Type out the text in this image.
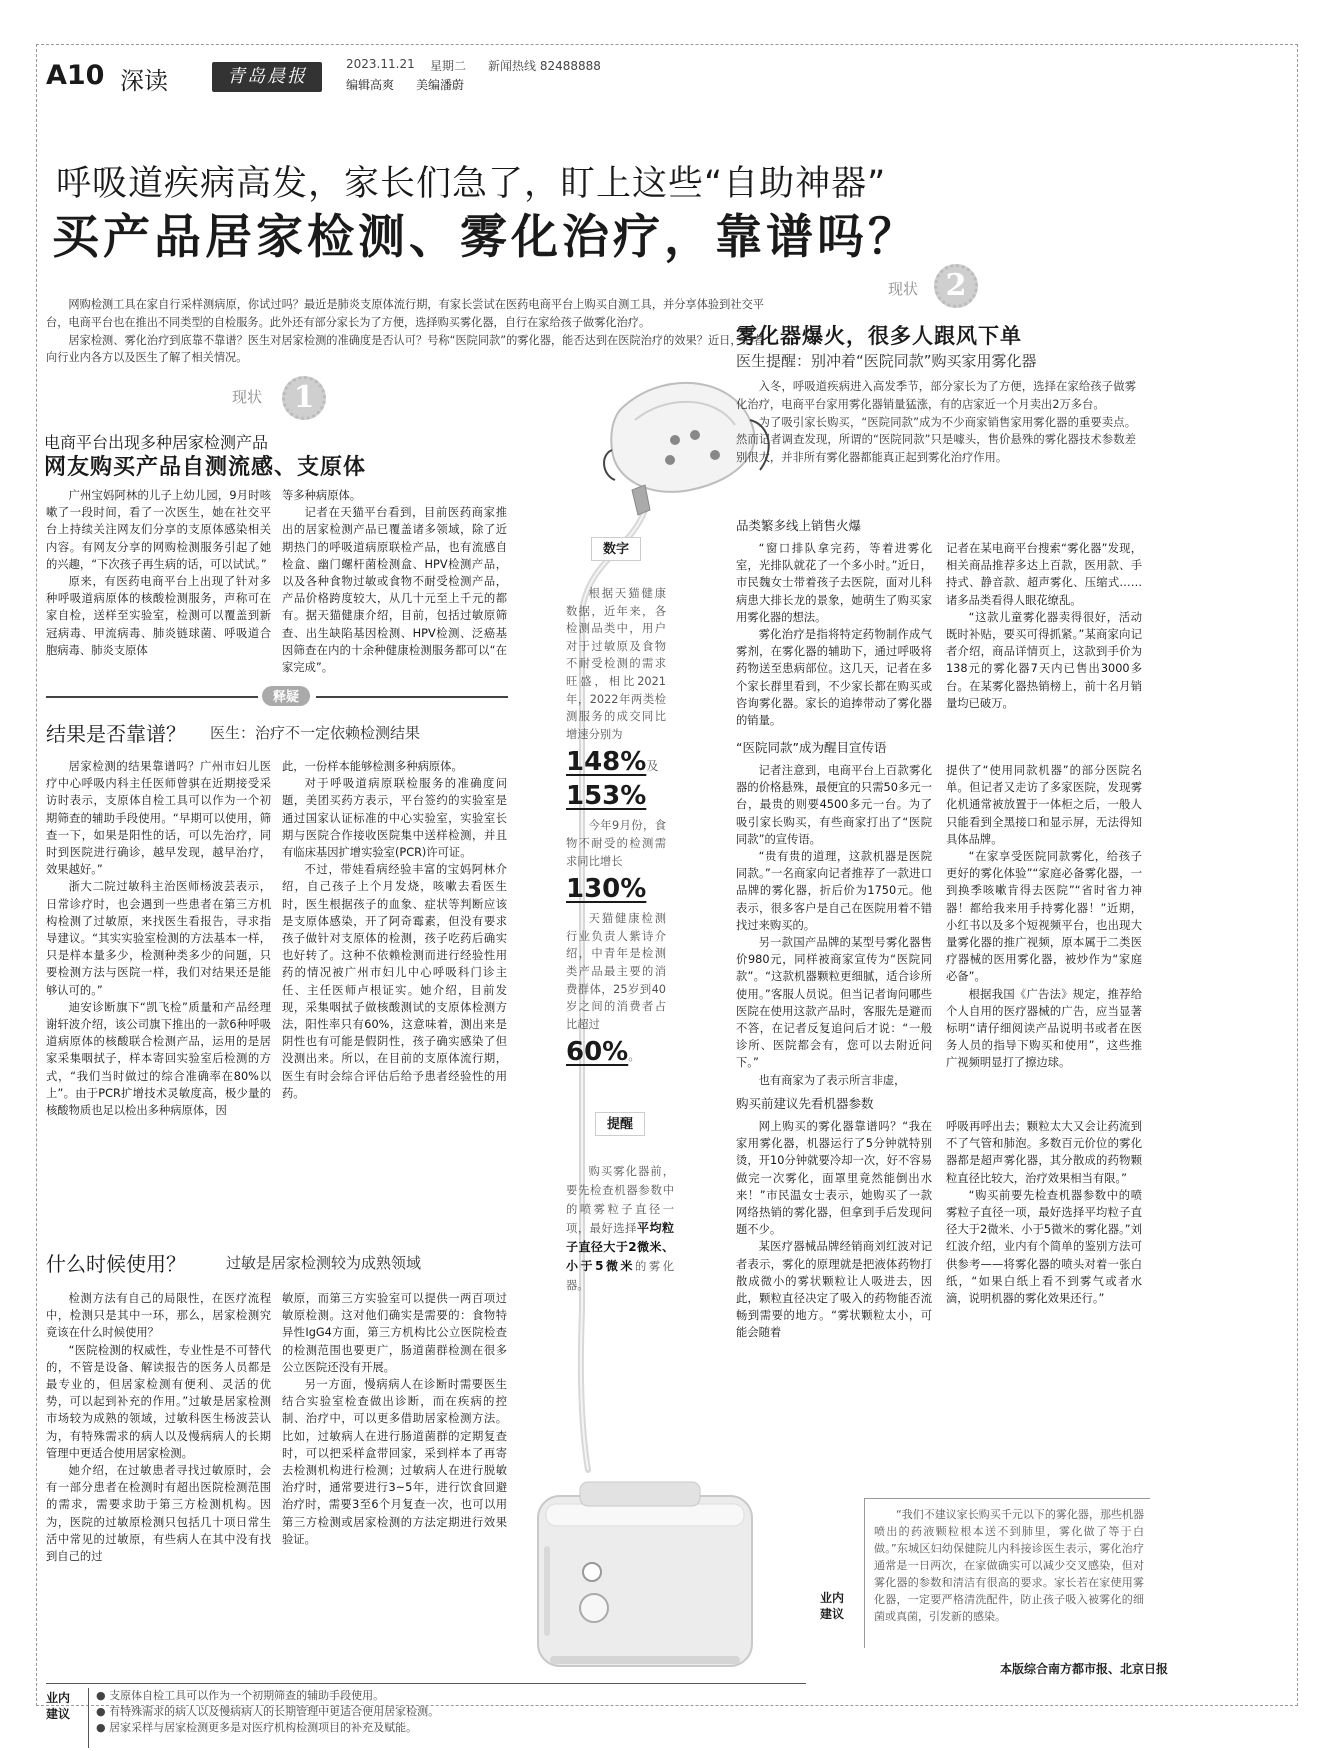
A10 深读	青岛晨报
2023.11.21 星期二 新闻热线 82488888
编辑高爽 美编潘蔚
呼吸道疾病高发，家长们急了，盯上这些“自助神器”
买产品居家检测、雾化治疗，靠谱吗？

网购检测工具在家自行采样测病原，你试过吗？最近是肺炎支原体流行期，有家长尝试在医药电商平台上购买自测工具，并分享体验到社交平台，电商平台也在推出不同类型的自检服务。此外还有部分家长为了方便，选择购买雾化器，自行在家给孩子做雾化治疗。

居家检测、雾化治疗到底靠不靠谱？医生对居家检测的准确度是否认可？号称“医院同款”的雾化器，能否达到在医院治疗的效果？近日，记者向行业内各方以及医生了解了相关情况。

现状	1
电商平台出现多种居家检测产品
网友购买产品自测流感、支原体

广州宝妈阿林的儿子上幼儿园，9月时咳嗽了一段时间，看了一次医生，她在社交平台上持续关注网友们分享的支原体感染相关内容。有网友分享的网购检测服务引起了她的兴趣，“下次孩子再生病的话，可以试试。”

原来，有医药电商平台上出现了针对多种呼吸道病原体的核酸检测服务，声称可在家自检，送样至实验室，检测可以覆盖到新冠病毒、甲流病毒、肺炎链球菌、呼吸道合胞病毒、肺炎支原体

等多种病原体。

记者在天猫平台看到，目前医药商家推出的居家检测产品已覆盖诸多领域，除了近期热门的呼吸道病原联检产品，也有流感自检盒、幽门螺杆菌检测盒、HPV检测产品，以及各种食物过敏或食物不耐受检测产品，产品价格跨度较大，从几十元至上千元的都有。据天猫健康介绍，目前，包括过敏原筛查、出生缺陷基因检测、HPV检测、泛癌基因筛查在内的十余种健康检测服务都可以“在家完成”。

释疑
结果是否靠谱？ 医生：治疗不一定依赖检测结果

居家检测的结果靠谱吗？广州市妇儿医疗中心呼吸内科主任医师曾骐在近期接受采访时表示，支原体自检工具可以作为一个初期筛查的辅助手段使用。“早期可以使用，筛查一下，如果是阳性的话，可以先治疗，同时到医院进行确诊，越早发现，越早治疗，效果越好。”

浙大二院过敏科主治医师杨波芸表示，日常诊疗时，也会遇到一些患者在第三方机构检测了过敏原，来找医生看报告，寻求指导建议。“其实实验室检测的方法基本一样，只是样本量多少，检测种类多少的问题，只要检测方法与医院一样，我们对结果还是能够认可的。”

迪安诊断旗下“凯飞检”质量和产品经理谢轩波介绍，该公司旗下推出的一款6种呼吸道病原体的核酸联合检测产品，运用的是居家采集咽拭子，样本寄回实验室后检测的方式，“我们当时做过的综合准确率在80%以上”。由于PCR扩增技术灵敏度高，极少量的核酸物质也足以检出多种病原体，因

此，一份样本能够检测多种病原体。

对于呼吸道病原联检服务的准确度问题，美团买药方表示，平台签约的实验室是通过国家认证标准的中心实验室，实验室长期与医院合作接收医院集中送样检测，并且有临床基因扩增实验室(PCR)许可证。

不过，带娃看病经验丰富的宝妈阿林介绍，自己孩子上个月发烧，咳嗽去看医生时，医生根据孩子的血象、症状等判断应该是支原体感染，开了阿奇霉素，但没有要求孩子做针对支原体的检测，孩子吃药后确实也好转了。这种不依赖检测而进行经验性用药的情况被广州市妇儿中心呼吸科门诊主任、主任医师卢根证实。她介绍，目前发现，采集咽拭子做核酸测试的支原体检测方法，阳性率只有60%，这意味着，测出来是阴性也有可能是假阴性，孩子确实感染了但没测出来。所以，在目前的支原体流行期，医生有时会综合评估后给予患者经验性的用药。

什么时候使用？	过敏是居家检测较为成熟领域

检测方法有自己的局限性，在医疗流程中，检测只是其中一环，那么，居家检测究竟该在什么时候使用？

“医院检测的权威性，专业性是不可替代的，不管是设备、解读报告的医务人员都是最专业的，但居家检测有便利、灵活的优势，可以起到补充的作用。”过敏是居家检测市场较为成熟的领域，过敏科医生杨波芸认为，有特殊需求的病人以及慢病病人的长期管理中更适合使用居家检测。

她介绍，在过敏患者寻找过敏原时，会有一部分患者在检测时有超出医院检测范围的需求，需要求助于第三方检测机构。因为，医院的过敏原检测只包括几十项日常生活中常见的过敏原，有些病人在其中没有找到自己的过

敏原，而第三方实验室可以提供一两百项过敏原检测。这对他们确实是需要的：食物特异性IgG4方面，第三方机构比公立医院检查的检测范围也要更广，肠道菌群检测在很多公立医院还没有开展。

另一方面，慢病病人在诊断时需要医生结合实验室检查做出诊断，而在疾病的控制、治疗中，可以更多借助居家检测方法。比如，过敏病人在进行肠道菌群的定期复查时，可以把采样盒带回家，采到样本了再寄去检测机构进行检测；过敏病人在进行脱敏治疗时，通常要进行3~5年，进行饮食回避治疗时，需要3至6个月复查一次，也可以用第三方检测或居家检测的方法定期进行效果验证。

数字

根据天猫健康数据，近年来，各检测品类中，用户对于过敏原及食物不耐受检测的需求旺盛，相比2021年，2022年两类检测服务的成交同比增速分别为

148%及
153%

今年9月份，食物不耐受的检测需求同比增长

130%

天猫健康检测行业负责人紫诗介绍，中青年是检测类产品最主要的消费群体，25岁到40岁之间的消费者占比超过

60%。
提醒

购买雾化器前，要先检查机器参数中的喷雾粒子直径一项，最好选择平均粒子直径大于2微米、小于5微米的雾化器。

现状 2
雾化器爆火，很多人跟风下单
医生提醒：别冲着“医院同款”购买家用雾化器

入冬，呼吸道疾病进入高发季节，部分家长为了方便，选择在家给孩子做雾化治疗，电商平台家用雾化器销量猛涨，有的店家近一个月卖出2万多台。

为了吸引家长购买，“医院同款”成为不少商家销售家用雾化器的重要卖点。然而记者调查发现，所谓的“医院同款”只是噱头，售价悬殊的雾化器技术参数差别很大，并非所有雾化器都能真正起到雾化治疗作用。

品类繁多线上销售火爆

“窗口排队拿完药，等着进雾化室，光排队就花了一个多小时。”近日，市民魏女士带着孩子去医院，面对儿科病患大排长龙的景象，她萌生了购买家用雾化器的想法。

雾化治疗是指将特定药物制作成气雾剂，在雾化器的辅助下，通过呼吸将药物送至患病部位。这几天，记者在多个家长群里看到，不少家长都在购买或咨询雾化器。家长的追捧带动了雾化器的销量。

记者在某电商平台搜索“雾化器”发现，相关商品推荐多达上百款，医用款、手持式、静音款、超声雾化、压缩式……诸多品类看得人眼花缭乱。

“这款儿童雾化器卖得很好，活动既时补贴，要买可得抓紧。”某商家向记者介绍，商品详情页上，这款到手价为138元的雾化器7天内已售出3000多台。在某雾化器热销榜上，前十名月销量均已破万。

“医院同款”成为醒目宣传语

记者注意到，电商平台上百款雾化器的价格悬殊，最便宜的只需50多元一台，最贵的则要4500多元一台。为了吸引家长购买，有些商家打出了“医院同款”的宣传语。

“贵有贵的道理，这款机器是医院同款。”一名商家向记者推荐了一款进口品牌的雾化器，折后价为1750元。他表示，很多客户是自己在医院用着不错找过来购买的。

另一款国产品牌的某型号雾化器售价980元，同样被商家宣传为“医院同款”。“这款机器颗粒更细腻，适合诊所使用。”客服人员说。但当记者询问哪些医院在使用这款产品时，客服先是避而不答，在记者反复追问后才说：“一般诊所、医院都会有，您可以去附近问下。”

也有商家为了表示所言非虚，

提供了“使用同款机器”的部分医院名单。但记者又走访了多家医院，发现雾化机通常被放置于一体柜之后，一般人只能看到全黑接口和显示屏，无法得知具体品牌。

“在家享受医院同款雾化，给孩子更好的雾化体验”“家庭必备雾化器，一到换季咳嗽肯得去医院”“省时省力神器！都给我来用手持雾化器！”近期，小红书以及多个短视频平台，也出现大量雾化器的推广视频，原本属于二类医疗器械的医用雾化器，被炒作为“家庭必备”。

根据我国《广告法》规定，推荐给个人自用的医疗器械的广告，应当显著标明“请仔细阅读产品说明书或者在医务人员的指导下购买和使用”，这些推广视频明显打了擦边球。

购买前建议先看机器参数

网上购买的雾化器靠谱吗？“我在家用雾化器，机器运行了5分钟就特别烫，开10分钟就要冷却一次，好不容易做完一次雾化，面罩里竟然能倒出水来！”市民温女士表示，她购买了一款网络热销的雾化器，但拿到手后发现问题不少。

某医疗器械品牌经销商刘红波对记者表示，雾化的原理就是把液体药物打散成微小的雾状颗粒让人吸进去，因此，颗粒直径决定了吸入的药物能否流畅到需要的地方。“雾状颗粒太小，可能会随着

呼吸再呼出去；颗粒太大又会让药流到不了气管和肺泡。多数百元价位的雾化器都是超声雾化器，其分散成的药物颗粒直径比较大，治疗效果相当有限。”

“购买前要先检查机器参数中的喷雾粒子直径一项，最好选择平均粒子直径大于2微米、小于5微米的雾化器。”刘红波介绍，业内有个简单的鉴别方法可供参考——将雾化器的喷头对着一张白纸，“如果白纸上看不到雾气或者水滴，说明机器的雾化效果还行。”

“我们不建议家长购买千元以下的雾化器，那些机器喷出的药液颗粒根本送不到肺里，雾化做了等于白做。”东城区妇幼保健院儿内科接诊医生表示，雾化治疗通常是一日两次，在家做确实可以减少交叉感染，但对雾化器的参数和清洁有很高的要求。家长若在家使用雾化器，一定要严格清洗配件，防止孩子吸入被雾化的细菌或真菌，引发新的感染。

业内建议
业内建议
● 支原体自检工具可以作为一个初期筛查的辅助手段使用。
● 有特殊需求的病人以及慢病病人的长期管理中更适合使用居家检测。
● 居家采样与居家检测更多是对医疗机构检测项目的补充及赋能。
本版综合南方都市报、北京日报
